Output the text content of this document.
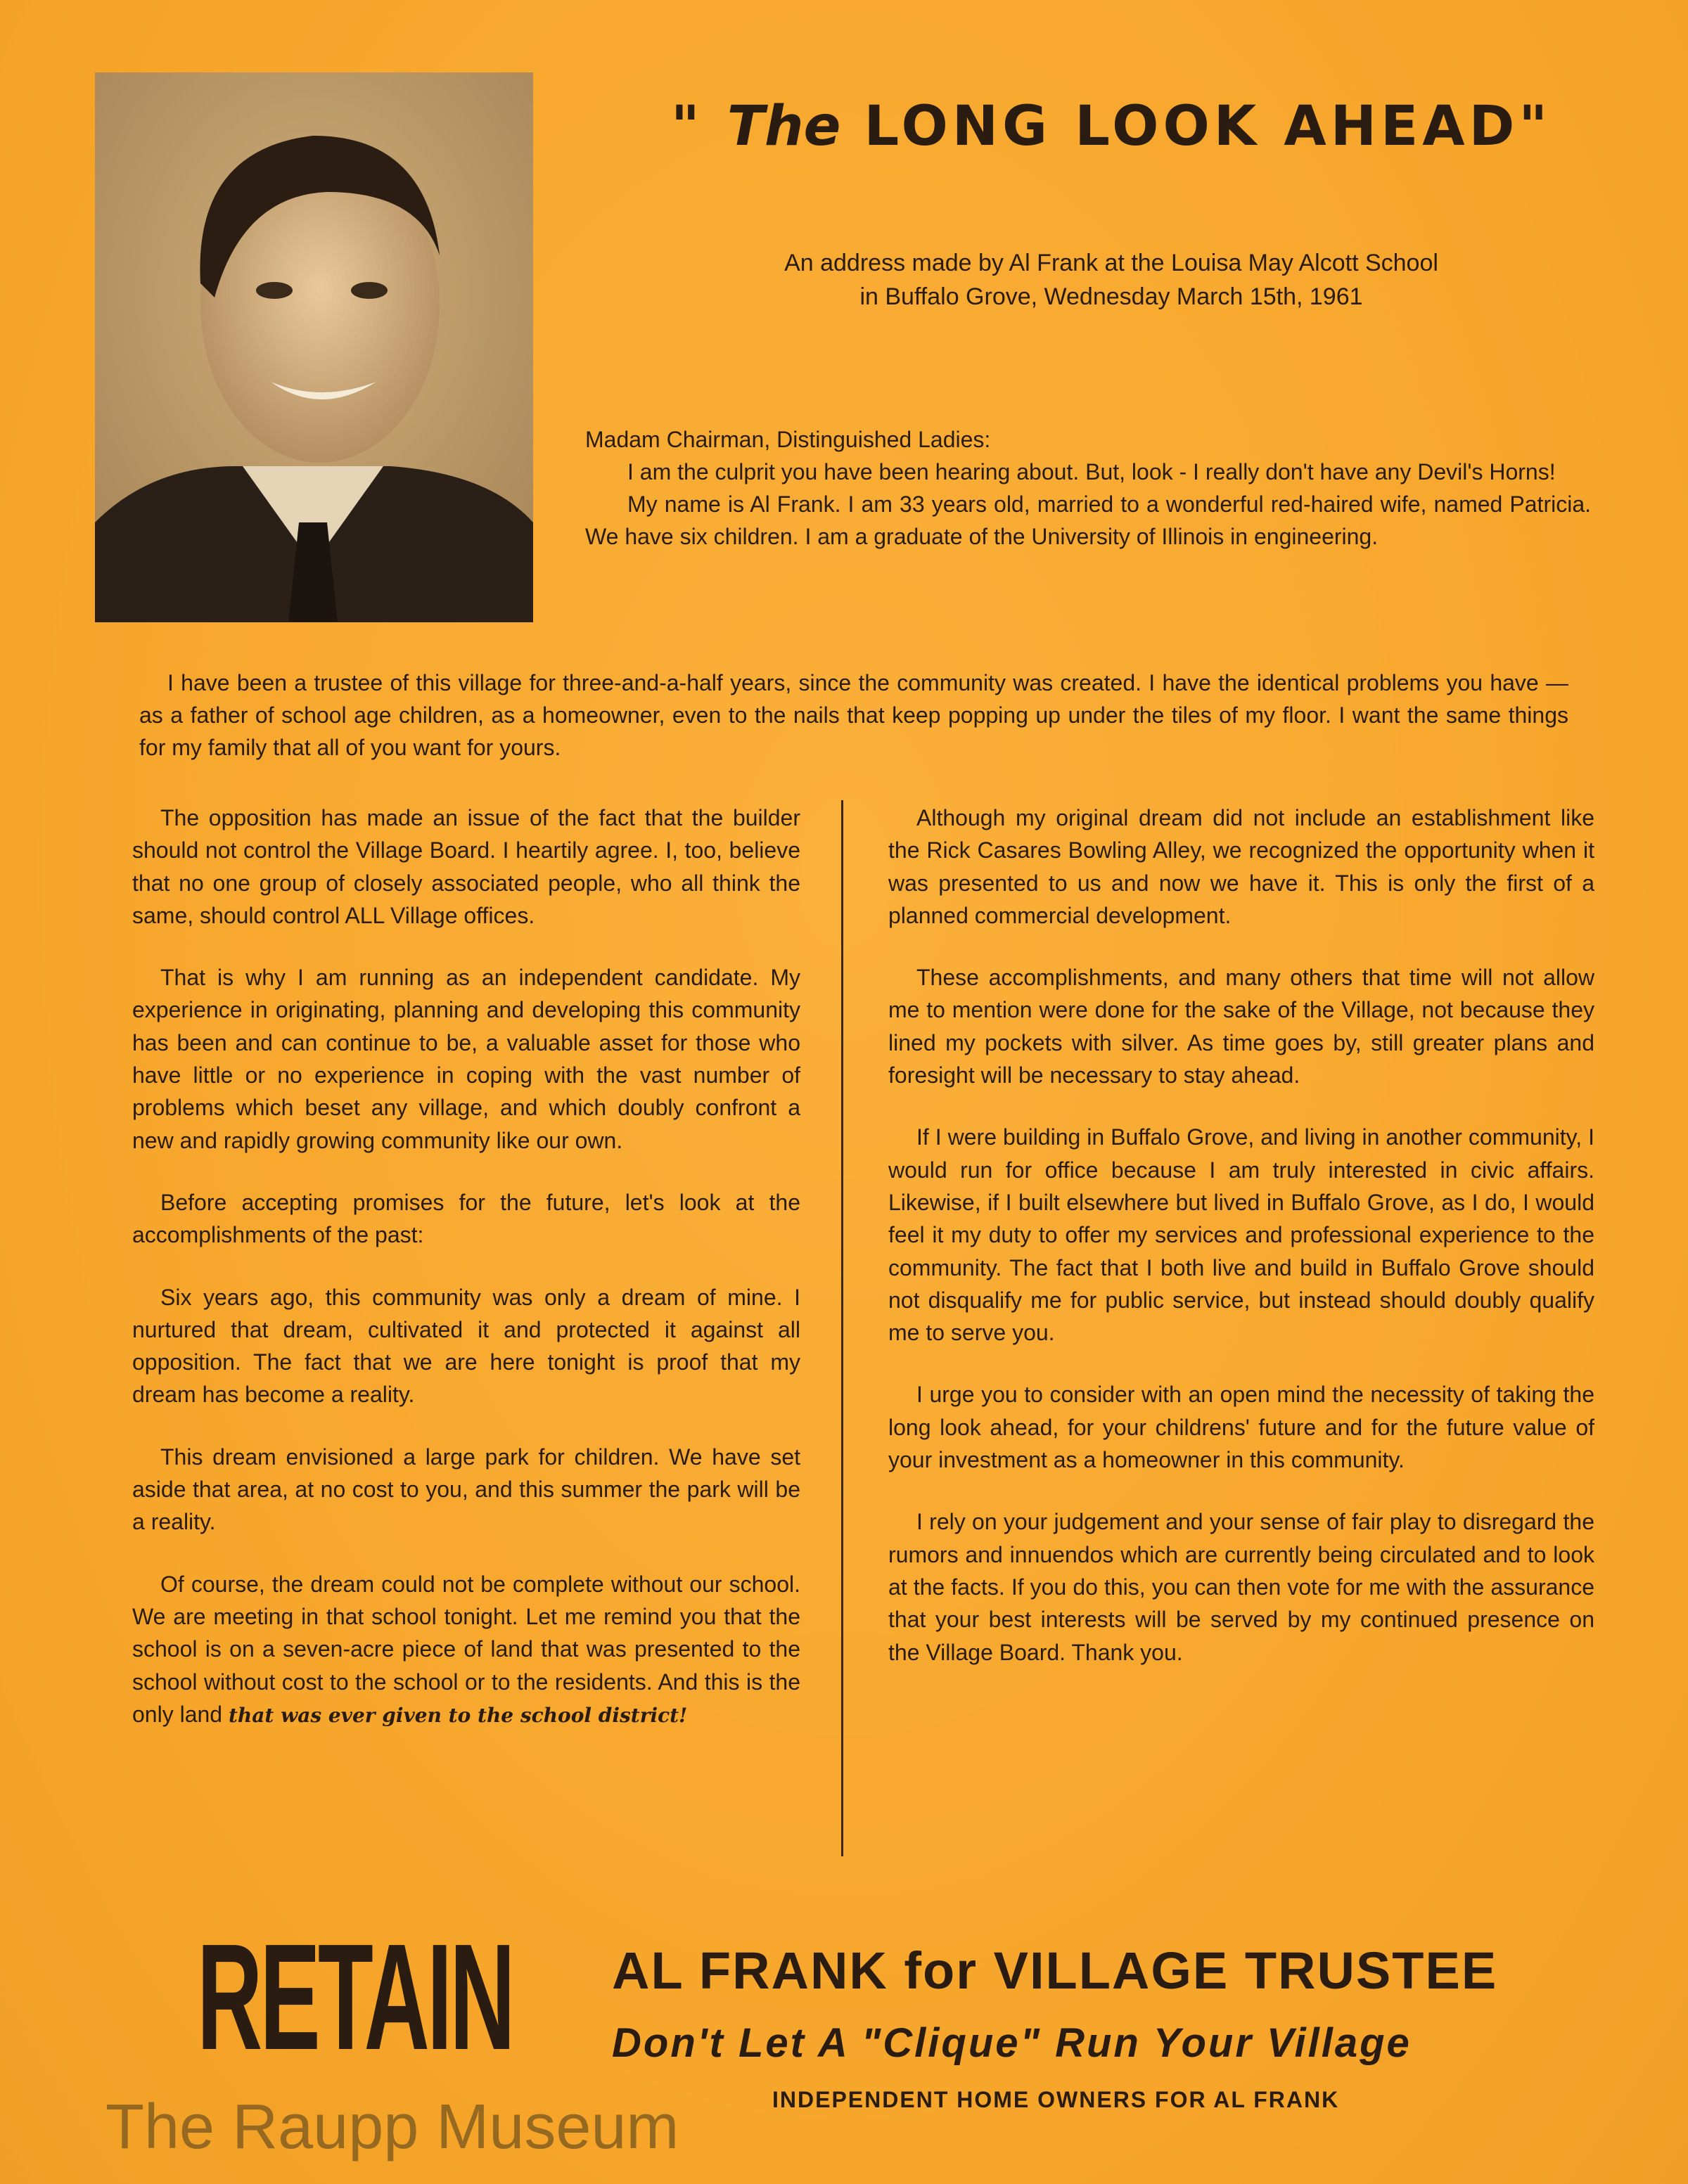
" The LONG LOOK AHEAD"
An address made by Al Frank at the Louisa May Alcott School
in Buffalo Grove, Wednesday March 15th, 1961

Madam Chairman, Distinguished Ladies:

I am the culprit you have been hearing about. But, look - I really don't have any Devil's Horns!

My name is Al Frank. I am 33 years old, married to a wonderful red-haired wife, named Patricia. We have six children. I am a graduate of the University of Illinois in engineering.

I have been a trustee of this village for three-and-a-half years, since the community was created. I have the identical problems you have — as a father of school age children, as a homeowner, even to the nails that keep popping up under the tiles of my floor. I want the same things for my family that all of you want for yours.

The opposition has made an issue of the fact that the builder should not control the Village Board. I heartily agree. I, too, believe that no one group of closely associated people, who all think the same, should control ALL Village offices.

That is why I am running as an independent candidate. My experience in originating, planning and developing this community has been and can continue to be, a valuable asset for those who have little or no experience in coping with the vast number of problems which beset any village, and which doubly confront a new and rapidly growing community like our own.

Before accepting promises for the future, let's look at the accomplishments of the past:

Six years ago, this community was only a dream of mine. I nurtured that dream, cultivated it and protected it against all opposition. The fact that we are here tonight is proof that my dream has become a reality.

This dream envisioned a large park for children. We have set aside that area, at no cost to you, and this summer the park will be a reality.

Of course, the dream could not be complete without our school. We are meeting in that school tonight. Let me remind you that the school is on a seven-acre piece of land that was presented to the school without cost to the school or to the residents. And this is the only land that was ever given to the school district!

Although my original dream did not include an establishment like the Rick Casares Bowling Alley, we recognized the opportunity when it was presented to us and now we have it. This is only the first of a planned commercial development.

These accomplishments, and many others that time will not allow me to mention were done for the sake of the Village, not because they lined my pockets with silver. As time goes by, still greater plans and foresight will be necessary to stay ahead.

If I were building in Buffalo Grove, and living in another community, I would run for office because I am truly interested in civic affairs. Likewise, if I built elsewhere but lived in Buffalo Grove, as I do, I would feel it my duty to offer my services and professional experience to the community. The fact that I both live and build in Buffalo Grove should not disqualify me for public service, but instead should doubly qualify me to serve you.

I urge you to consider with an open mind the necessity of taking the long look ahead, for your childrens' future and for the future value of your investment as a homeowner in this community.

I rely on your judgement and your sense of fair play to disregard the rumors and innuendos which are currently being circulated and to look at the facts. If you do this, you can then vote for me with the assurance that your best interests will be served by my continued presence on the Village Board. Thank you.

RETAIN AL FRANK for VILLAGE TRUSTEE
Don't Let A "Clique" Run Your Village
INDEPENDENT HOME OWNERS FOR AL FRANK
The Raupp Museum
